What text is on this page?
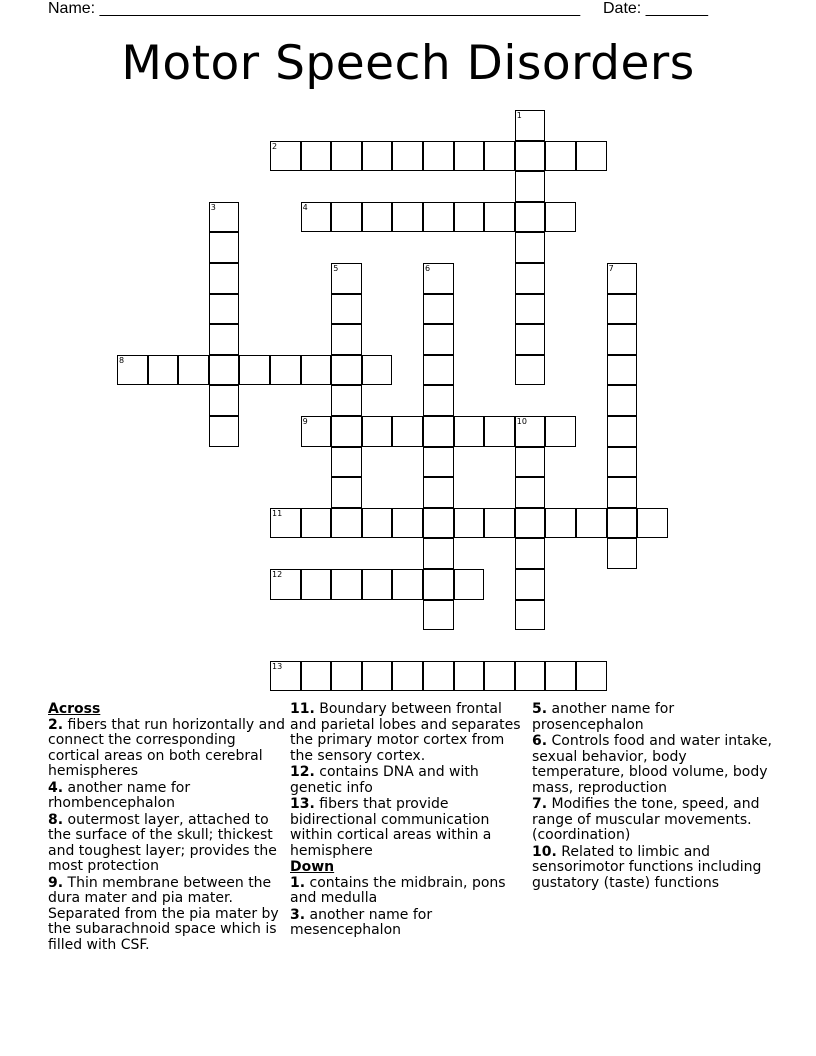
Name: ______________________________________________________ Date: _______
Motor Speech Disorders
1
2
3	4
5	6	7
8
9	10
11
12
13

Across

2. fibers that run horizontally and connect the corresponding cortical areas on both cerebral hemispheres

4. another name for rhombencephalon

8. outermost layer, attached to the surface of the skull; thickest and toughest layer; provides the most protection

9. Thin membrane between the dura mater and pia mater. Separated from the pia mater by the subarachnoid space which is filled with CSF.

11. Boundary between frontal and parietal lobes and separates the primary motor cortex from the sensory cortex.

12. contains DNA and with genetic info

13. fibers that provide bidirectional communication within cortical areas within a hemisphere

Down

1. contains the midbrain, pons and medulla

3. another name for mesencephalon

5. another name for prosencephalon

6. Controls food and water intake, sexual behavior, body temperature, blood volume, body mass, reproduction

7. Modifies the tone, speed, and range of muscular movements. (coordination)

10. Related to limbic and sensorimotor functions including gustatory (taste) functions
